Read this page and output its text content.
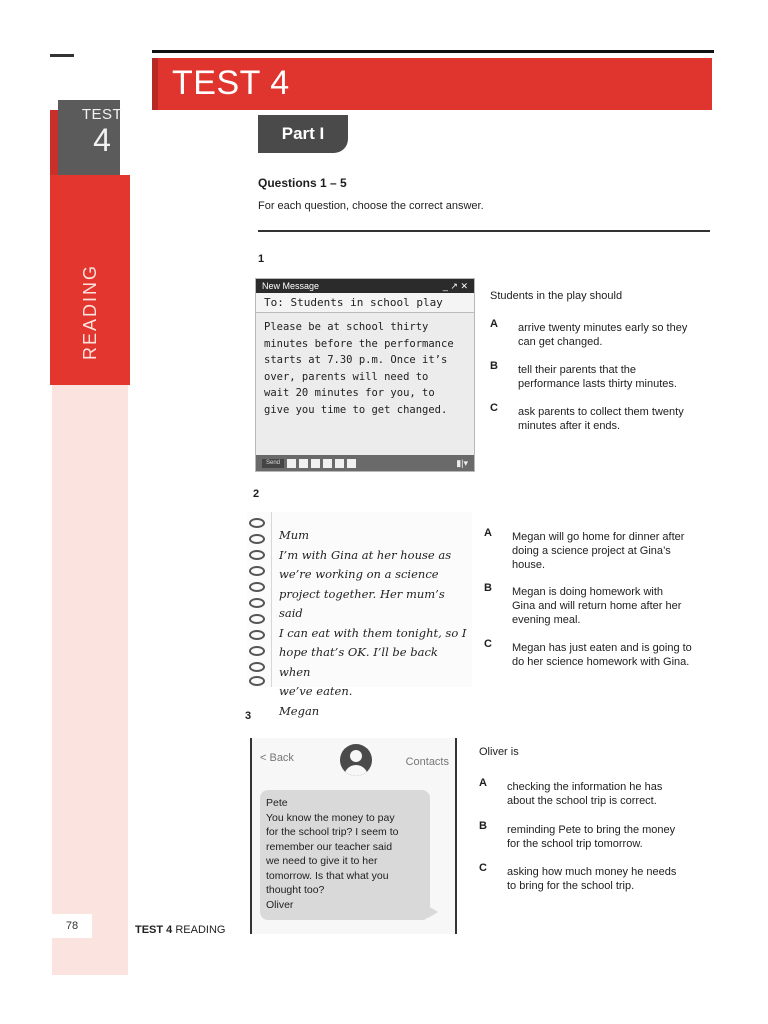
TEST
4
READING
TEST 4
Part I
Questions 1 – 5
For each question, choose the correct answer.
1
New Message	_ ↗ ✕
To: Students in school play
Please be at school thirty
minutes before the performance
starts at 7.30 p.m. Once it’s
over, parents will need to
wait 20 minutes for you, to
give you time to get changed.
Send	▮|▾
Students in the play should
A arrive twenty minutes early so they
can get changed.
B tell their parents that the
performance lasts thirty minutes.
C ask parents to collect them twenty
minutes after it ends.
2
Mum
I’m with Gina at her house as
we’re working on a science
project together. Her mum’s said
I can eat with them tonight, so I
hope that’s OK. I’ll be back when
we’ve eaten.
Megan
A Megan will go home for dinner after
doing a science project at Gina’s
house.
B Megan is doing homework with
Gina and will return home after her
evening meal.
C Megan has just eaten and is going to
do her science homework with Gina.
3
< Back	Contacts
Pete
You know the money to pay
for the school trip? I seem to
remember our teacher said
we need to give it to her
tomorrow. Is that what you
thought too?
Oliver
Oliver is
A checking the information he has
about the school trip is correct.
B reminding Pete to bring the money
for the school trip tomorrow.
C asking how much money he needs
to bring for the school trip.
78	TEST 4 READING
